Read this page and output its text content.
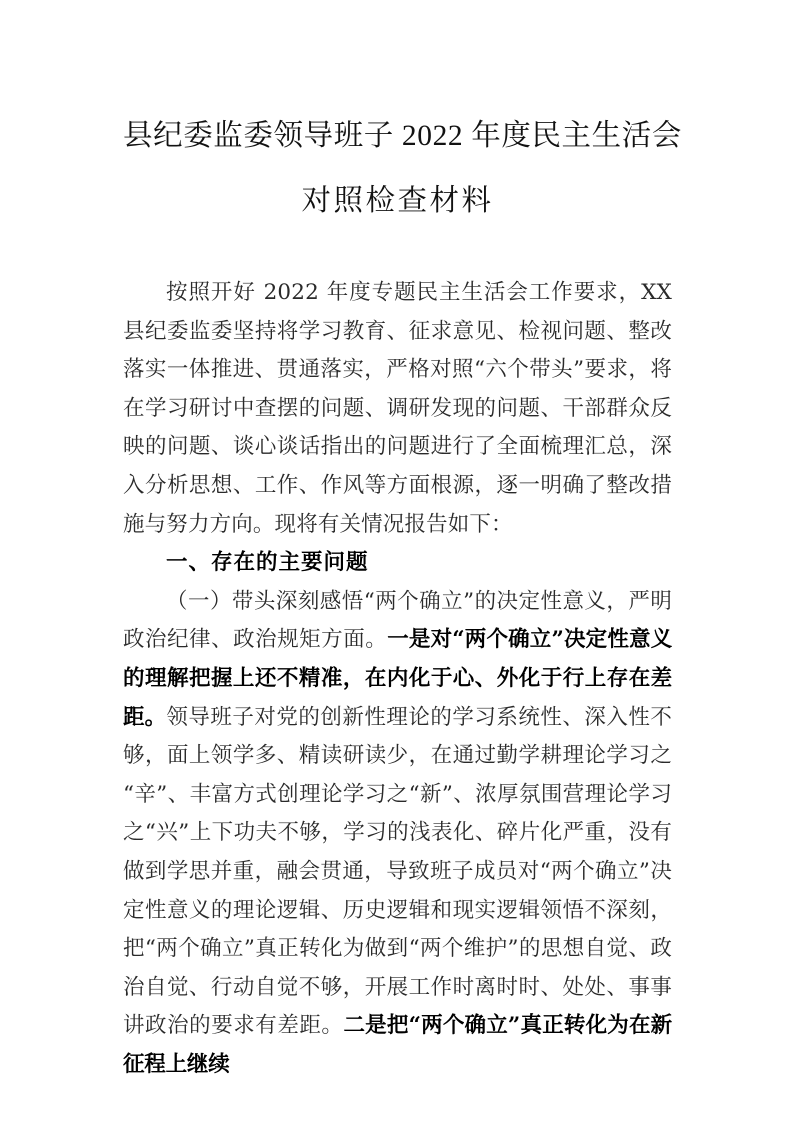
县纪委监委领导班子 2022 年度民主生活会
对照检查材料

按照开好 2022 年度专题民主生活会工作要求，XX 县纪委监委坚持将学习教育、征求意见、检视问题、整改落实一体推进、贯通落实，严格对照“六个带头”要求，将在学习研讨中查摆的问题、调研发现的问题、干部群众反映的问题、谈心谈话指出的问题进行了全面梳理汇总，深入分析思想、工作、作风等方面根源，逐一明确了整改措施与努力方向。现将有关情况报告如下：

一、存在的主要问题

（一）带头深刻感悟“两个确立”的决定性意义，严明政治纪律、政治规矩方面。一是对“两个确立”决定性意义的理解把握上还不精准，在内化于心、外化于行上存在差距。领导班子对党的创新性理论的学习系统性、深入性不够，面上领学多、精读研读少，在通过勤学耕理论学习之“辛”、丰富方式创理论学习之“新”、浓厚氛围营理论学习之“兴”上下功夫不够，学习的浅表化、碎片化严重，没有做到学思并重，融会贯通，导致班子成员对“两个确立”决定性意义的理论逻辑、历史逻辑和现实逻辑领悟不深刻，把“两个确立”真正转化为做到“两个维护”的思想自觉、政治自觉、行动自觉不够，开展工作时离时时、处处、事事讲政治的要求有差距。二是把“两个确立”真正转化为在新征程上继续
